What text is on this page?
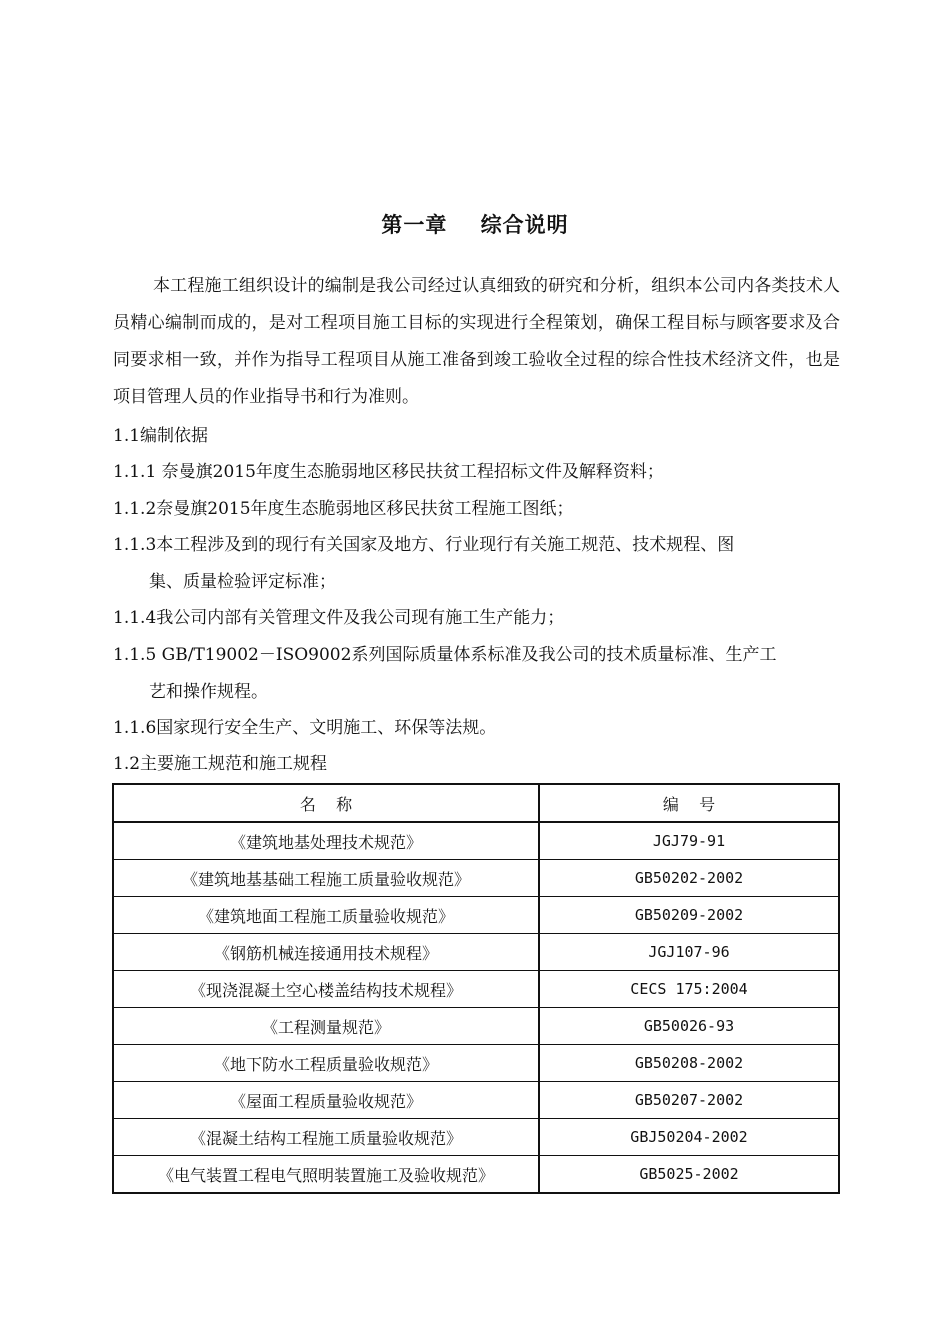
第一章    综合说明

本工程施工组织设计的编制是我公司经过认真细致的研究和分析，组织本公司内各类技术人员精心编制而成的，是对工程项目施工目标的实现进行全程策划，确保工程目标与顾客要求及合同要求相一致，并作为指导工程项目从施工准备到竣工验收全过程的综合性技术经济文件，也是项目管理人员的作业指导书和行为准则。

1.1编制依据

1.1.1 奈曼旗2015年度生态脆弱地区移民扶贫工程招标文件及解释资料；

1.1.2奈曼旗2015年度生态脆弱地区移民扶贫工程施工图纸；

1.1.3本工程涉及到的现行有关国家及地方、行业现行有关施工规范、技术规程、图

集、质量检验评定标准；

1.1.4我公司内部有关管理文件及我公司现有施工生产能力；

1.1.5 GB/T19002－ISO9002系列国际质量体系标准及我公司的技术质量标准、生产工

艺和操作规程。

1.1.6国家现行安全生产、文明施工、环保等法规。

1.2主要施工规范和施工规程

名    称	编    号
《建筑地基处理技术规范》	JGJ79-91
《建筑地基基础工程施工质量验收规范》	GB50202-2002
《建筑地面工程施工质量验收规范》	GB50209-2002
《钢筋机械连接通用技术规程》	JGJ107-96
《现浇混凝土空心楼盖结构技术规程》	CECS 175:2004
《工程测量规范》	GB50026-93
《地下防水工程质量验收规范》	GB50208-2002
《屋面工程质量验收规范》	GB50207-2002
《混凝土结构工程施工质量验收规范》	GBJ50204-2002
《电气装置工程电气照明装置施工及验收规范》	GB5025-2002
